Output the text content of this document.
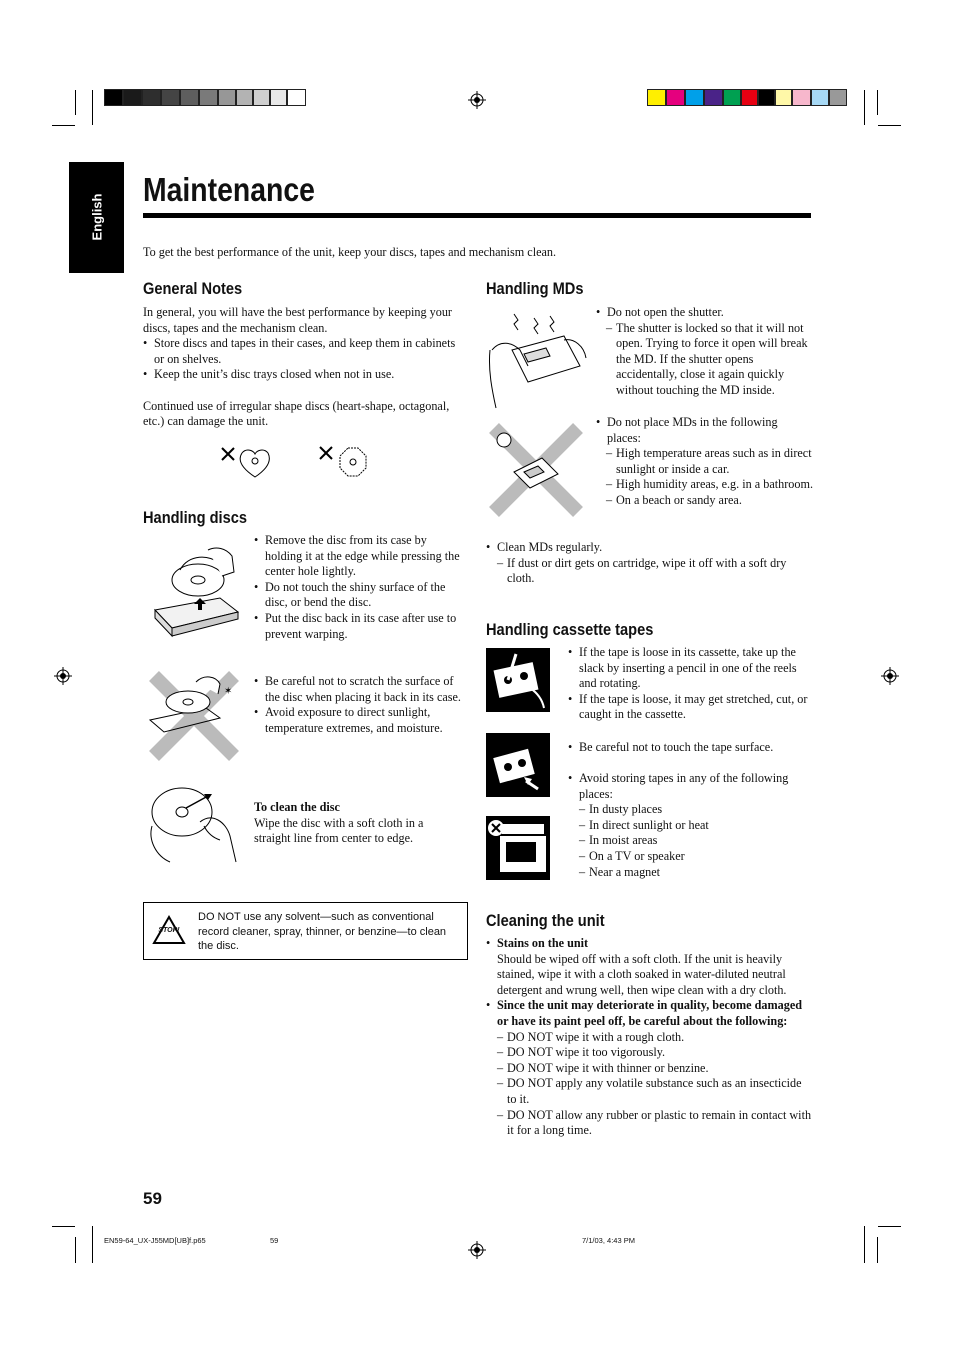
English
Maintenance
To get the best performance of the unit, keep your discs, tapes and mechanism clean.
General Notes
In general, you will have the best performance by keeping your discs, tapes and the mechanism clean.
• Store discs and tapes in their cases, and keep them in cabinets or on shelves.
• Keep the unit’s disc trays closed when not in use.
Continued use of irregular shape discs (heart-shape, octagonal, etc.) can damage the unit.
Handling discs
• Remove the disc from its case by holding it at the edge while pressing the center hole lightly.
• Do not touch the shiny surface of the disc, or bend the disc.
• Put the disc back in its case after use to prevent warping.
✶
• Be careful not to scratch the surface of the disc when placing it back in its case.
• Avoid exposure to direct sunlight, temperature extremes, and moisture.
To clean the disc
Wipe the disc with a soft cloth in a straight line from center to edge.
STOP!
DO NOT use any solvent—such as conventional record cleaner, spray, thinner, or benzine—to clean the disc.
Handling MDs
• Do not open the shutter.
– The shutter is locked so that it will not open. Trying to force it open will break the MD. If the shutter opens accidentally, close it again quickly without touching the MD inside.
• Do not place MDs in the following places:
– High temperature areas such as in direct sunlight or inside a car.
– High humidity areas, e.g. in a bathroom.
– On a beach or sandy area.
• Clean MDs regularly.
– If dust or dirt gets on cartridge, wipe it off with a soft dry cloth.
Handling cassette tapes
• If the tape is loose in its cassette, take up the slack by inserting a pencil in one of the reels and rotating.
• If the tape is loose, it may get stretched, cut, or caught in the cassette.
• Be careful not to touch the tape surface.
• Avoid storing tapes in any of the following places:
– In dusty places
– In direct sunlight or heat
– In moist areas
– On a TV or speaker
– Near a magnet
Cleaning the unit
• Stains on the unit
Should be wiped off with a soft cloth. If the unit is heavily stained, wipe it with a cloth soaked in water-diluted neutral detergent and wrung well, then wipe clean with a dry cloth.
• Since the unit may deteriorate in quality, become damaged or have its paint peel off, be careful about the following:
– DO NOT wipe it with a rough cloth.
– DO NOT wipe it too vigorously.
– DO NOT wipe it with thinner or benzine.
– DO NOT apply any volatile substance such as an insecticide to it.
– DO NOT allow any rubber or plastic to remain in contact with it for a long time.
59
EN59-64_UX-J55MD[UB]f.p65	59	7/1/03, 4:43 PM
